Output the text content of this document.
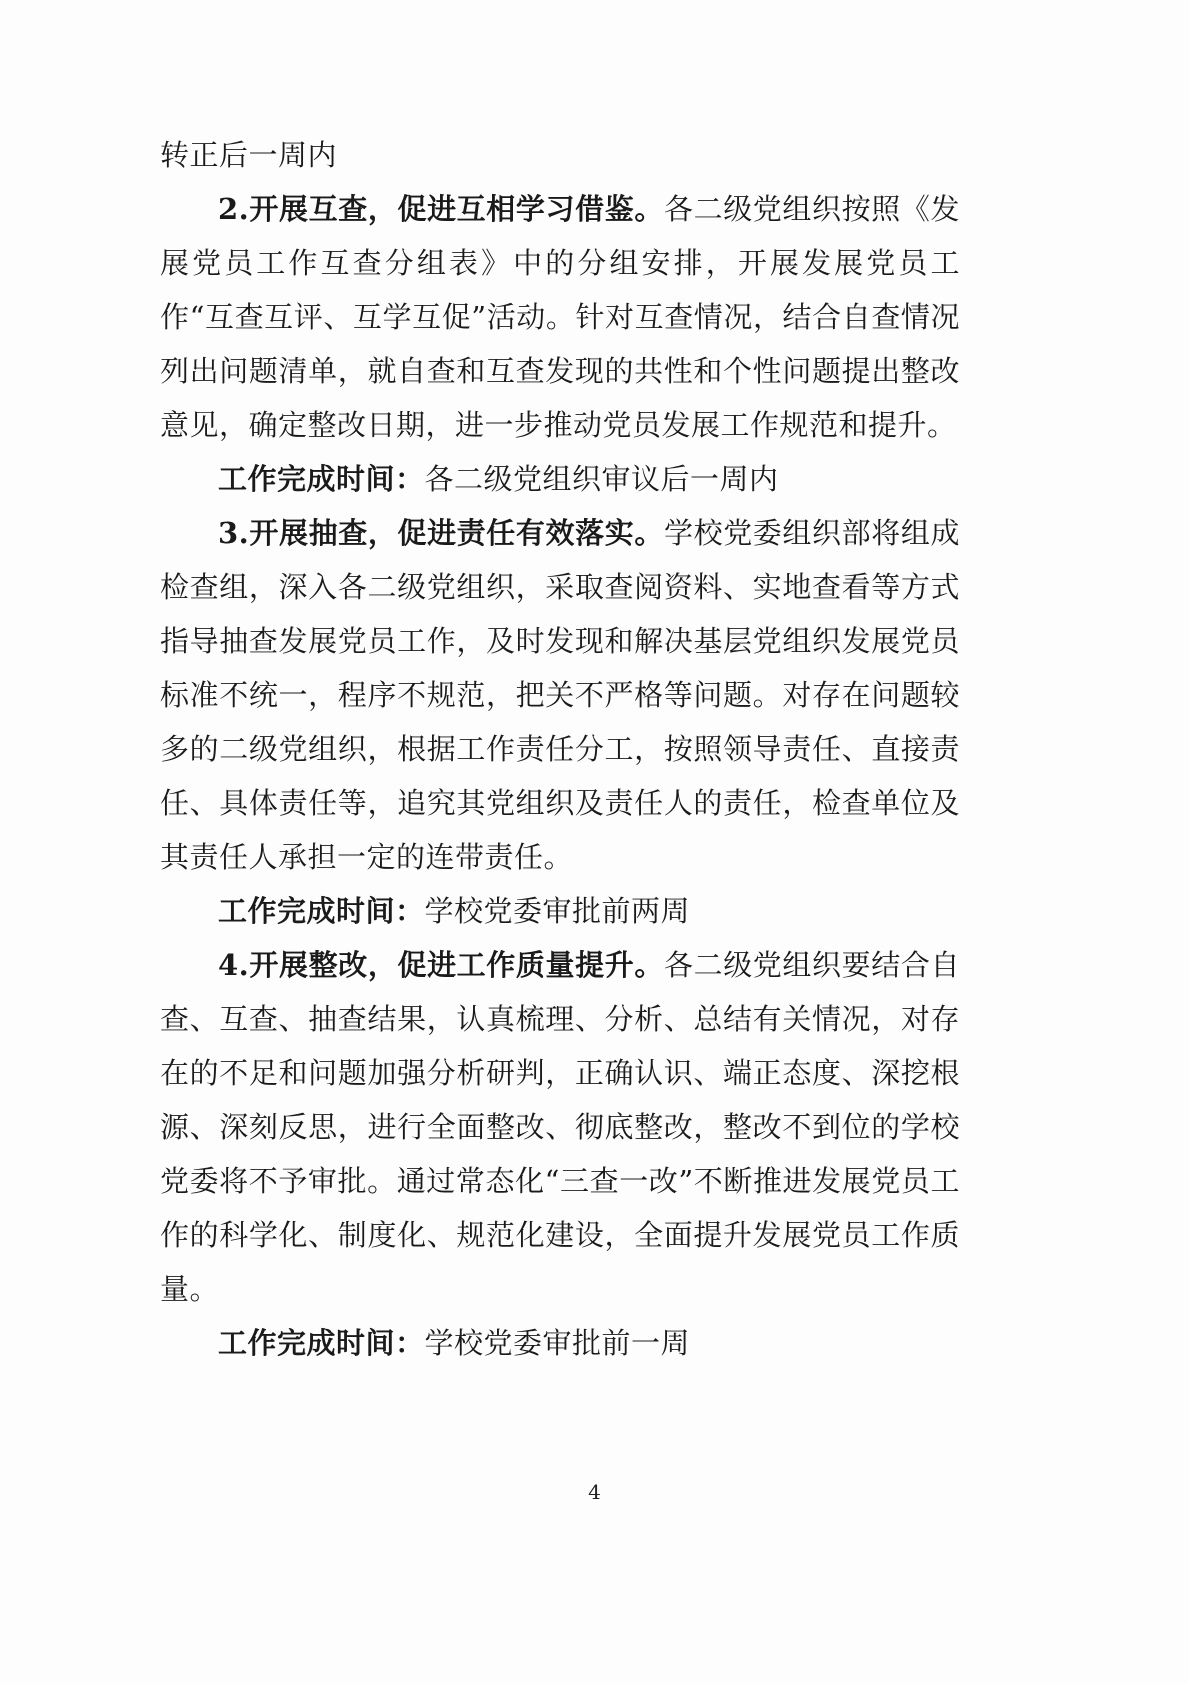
转正后一周内

2.开展互查，促进互相学习借鉴。各二级党组织按照《发展党员工作互查分组表》中的分组安排，开展发展党员工作“互查互评、互学互促”活动。针对互查情况，结合自查情况列出问题清单，就自查和互查发现的共性和个性问题提出整改意见，确定整改日期，进一步推动党员发展工作规范和提升。

工作完成时间：各二级党组织审议后一周内

3.开展抽查，促进责任有效落实。学校党委组织部将组成检查组，深入各二级党组织，采取查阅资料、实地查看等方式指导抽查发展党员工作，及时发现和解决基层党组织发展党员标准不统一，程序不规范，把关不严格等问题。对存在问题较多的二级党组织，根据工作责任分工，按照领导责任、直接责任、具体责任等，追究其党组织及责任人的责任，检查单位及其责任人承担一定的连带责任。

工作完成时间：学校党委审批前两周

4.开展整改，促进工作质量提升。各二级党组织要结合自查、互查、抽查结果，认真梳理、分析、总结有关情况，对存在的不足和问题加强分析研判，正确认识、端正态度、深挖根源、深刻反思，进行全面整改、彻底整改，整改不到位的学校党委将不予审批。通过常态化“三查一改”不断推进发展党员工作的科学化、制度化、规范化建设，全面提升发展党员工作质量。

工作完成时间：学校党委审批前一周

4
